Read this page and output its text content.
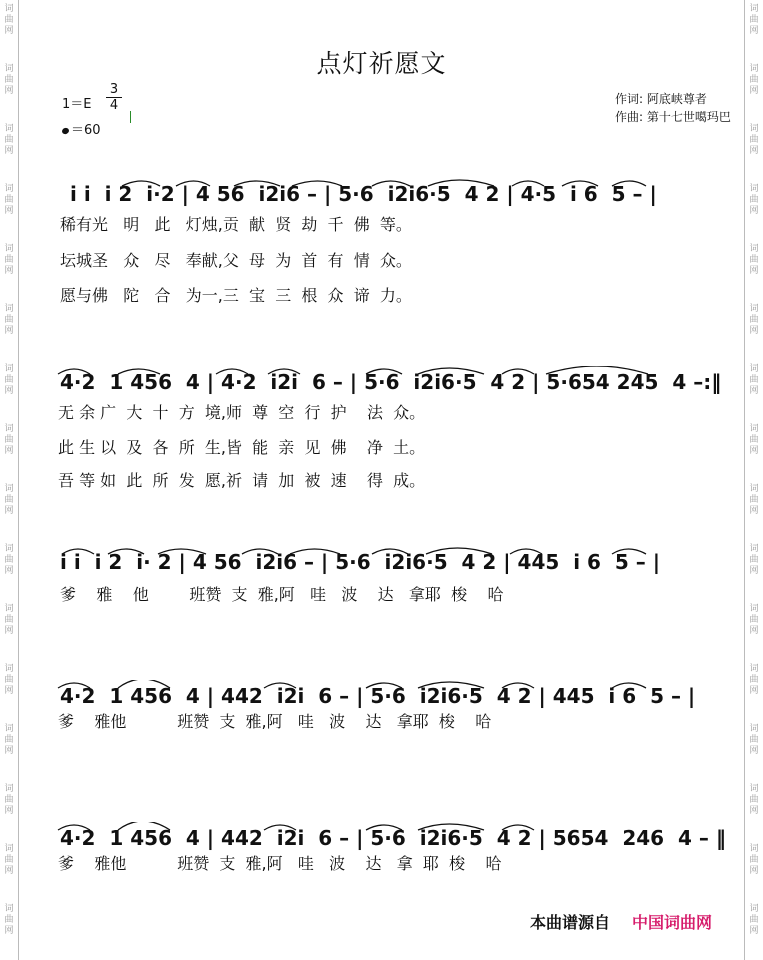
词
曲
网
词
曲
网
词
曲
网
词
曲
网
词
曲
网
词
曲
网
词
曲
网
词
曲
网
词
曲
网
词
曲
网
词
曲
网
词
曲
网
词
曲
网
词
曲
网
词
曲
网
词
曲
网
词
曲
网
词
曲
网
词
曲
网
词
曲
网
词
曲
网
词
曲
网
词
曲
网
词
曲
网
词
曲
网
词
曲
网
词
曲
网
词
曲
网
词
曲
网
词
曲
网
词
曲
网
词
曲
网
点灯祈愿文
1＝E
3
4
＝60
作词: 阿底峡尊者
作曲: 第十七世噶玛巴
i i  i 2  i·2 | 4 56  i2i6 – | 5·6  i2i6·5  4 2 | 4·5  i 6  5 – |
稀有光   明   此   灯烛,贡  献  贤  劫  千  佛  等。
坛城圣   众   尽   奉献,父  母  为  首  有  情  众。
愿与佛   陀   合   为一,三  宝  三  根  众  谛  力。
4·2  1 456  4 | 4·2  i2i  6 – | 5·6  i2i6·5  4 2 | 5·654 245  4 –:‖
无 余 广  大  十  方  境,师  尊  空  行  护    法  众。
此 生 以  及  各  所  生,皆  能  亲  见  佛    净  土。
吾 等 如  此  所  发  愿,祈  请  加  被  速    得  成。
i i  i 2  i· 2 | 4 56  i2i6 – | 5·6  i2i6·5  4 2 | 445  i 6  5 – |
爹    雅    他        班赞  支  雅,阿   哇   波    达   拿耶  梭    哈
4·2  1 456  4 | 442  i2i  6 – | 5·6  i2i6·5  4 2 | 445  i 6  5 – |
爹    雅他          班赞  支  雅,阿   哇   波    达   拿耶  梭    哈
4·2  1 456  4 | 442  i2i  6 – | 5·6  i2i6·5  4 2 | 5654  246  4 – ‖
爹    雅他          班赞  支  雅,阿   哇   波    达   拿  耶  梭    哈
本曲谱源自 中国词曲网
